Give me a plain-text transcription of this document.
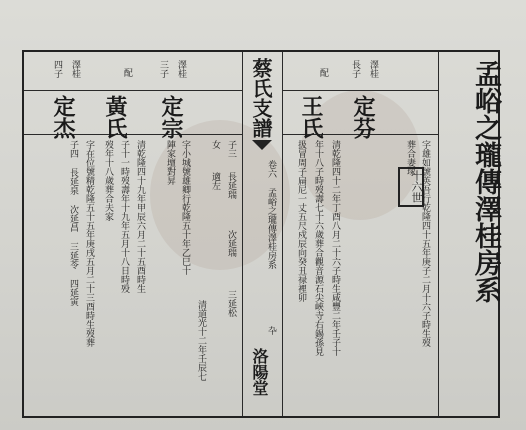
孟峪之瓏傳澤桂房系
十六世
蔡氏支譜
卷六
孟峪之瓏傳澤桂房系
卆
洛陽堂
澤桂
長子
定芬
配
王氏
字雄如號英吾行乾隆四十五年庚子二月十六子時生歿
葬合妻塚
清乾隆四十二年丁酉八月二十六子時生咸豐二年壬子十
年十八子時歿壽七十六歲葬合觀音源石尖峽寺右錫孫見
扱冒周子扁尼一丈五尺戍辰向癸丑禄裡卯
澤桂
三子
定宗
配
黃氏
字小城號雄卿行乾隆五十年乙巳十
陣家壇對昇
清乾隆四十九年甲辰六月二十五酉時生
子十一時歿壽年十九年五月十八日時殁
歿年十八歲葬合夫家	子三
長延瑞
次延瑞
三延松
女
適左
清道光十二年壬辰七
澤桂
四子
定杰
字在位號精乾隆五十五年庚戌五月二十三酉時生歿葬
子四 長延泉 次延昌 三延苓 四延寅
